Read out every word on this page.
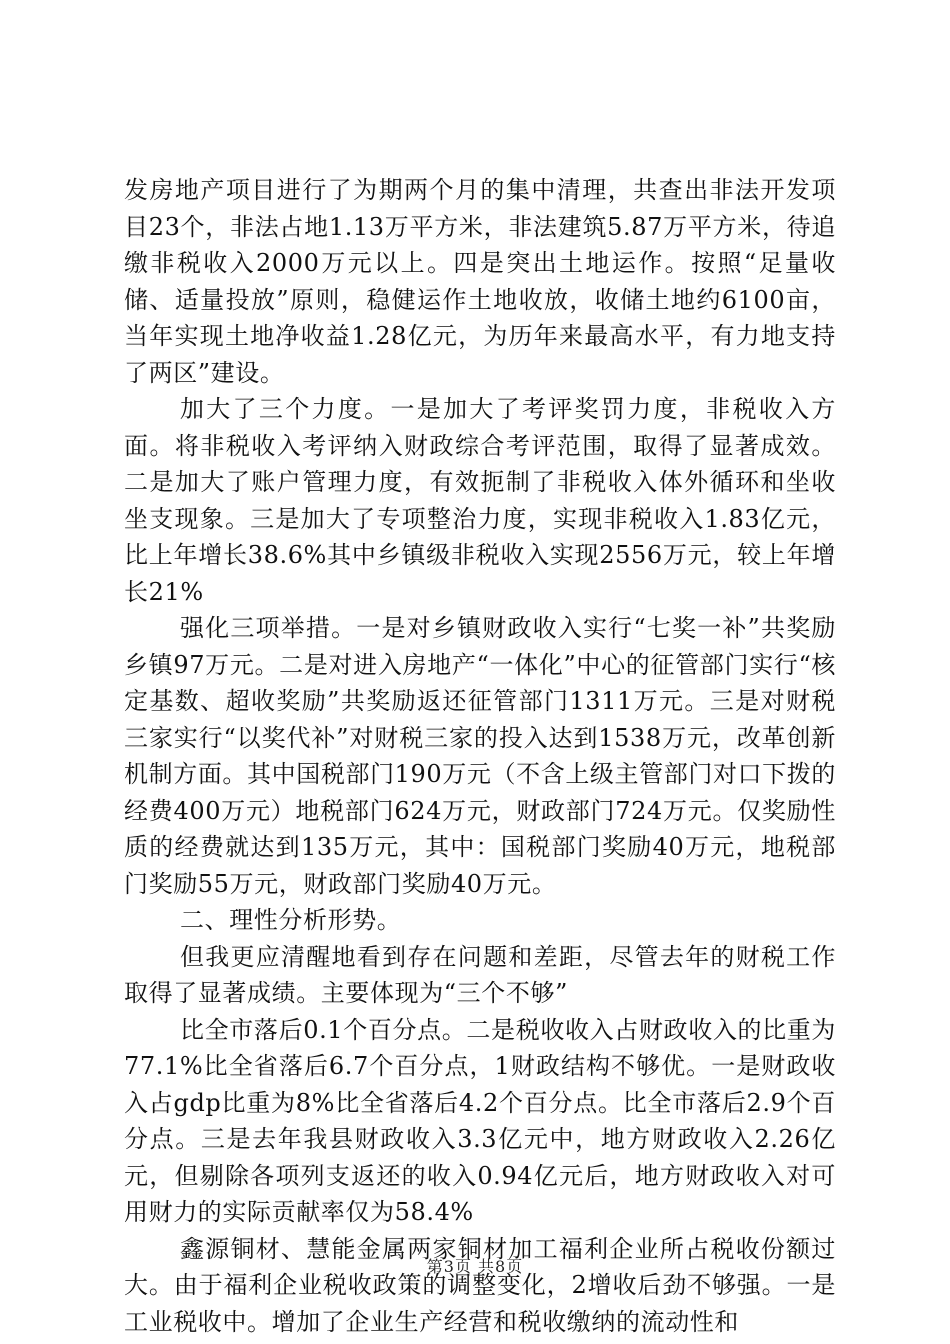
发房地产项目进行了为期两个月的集中清理，共查出非法开发项目23个，非法占地1.13万平方米，非法建筑5.87万平方米，待追缴非税收入2000万元以上。四是突出土地运作。按照“足量收储、适量投放”原则，稳健运作土地收放，收储土地约6100亩，当年实现土地净收益1.28亿元，为历年来最高水平，有力地支持了两区”建设。

加大了三个力度。一是加大了考评奖罚力度，非税收入方面。将非税收入考评纳入财政综合考评范围，取得了显著成效。二是加大了账户管理力度，有效扼制了非税收入体外循环和坐收坐支现象。三是加大了专项整治力度，实现非税收入1.83亿元，比上年增长38.6%其中乡镇级非税收入实现2556万元，较上年增长21%

强化三项举措。一是对乡镇财政收入实行“七奖一补”共奖励乡镇97万元。二是对进入房地产“一体化”中心的征管部门实行“核定基数、超收奖励”共奖励返还征管部门1311万元。三是对财税三家实行“以奖代补”对财税三家的投入达到1538万元，改革创新机制方面。其中国税部门190万元（不含上级主管部门对口下拨的经费400万元）地税部门624万元，财政部门724万元。仅奖励性质的经费就达到135万元，其中：国税部门奖励40万元，地税部门奖励55万元，财政部门奖励40万元。

二、理性分析形势。

但我更应清醒地看到存在问题和差距，尽管去年的财税工作取得了显著成绩。主要体现为“三个不够”

比全市落后0.1个百分点。二是税收收入占财政收入的比重为77.1%比全省落后6.7个百分点，1财政结构不够优。一是财政收入占gdp比重为8%比全省落后4.2个百分点。比全市落后2.9个百分点。三是去年我县财政收入3.3亿元中，地方财政收入2.26亿元，但剔除各项列支返还的收入0.94亿元后，地方财政收入对可用财力的实际贡献率仅为58.4%

鑫源铜材、慧能金属两家铜材加工福利企业所占税收份额过大。由于福利企业税收政策的调整变化，2增收后劲不够强。一是工业税收中。增加了企业生产经营和税收缴纳的流动性和

第3页 共8页
